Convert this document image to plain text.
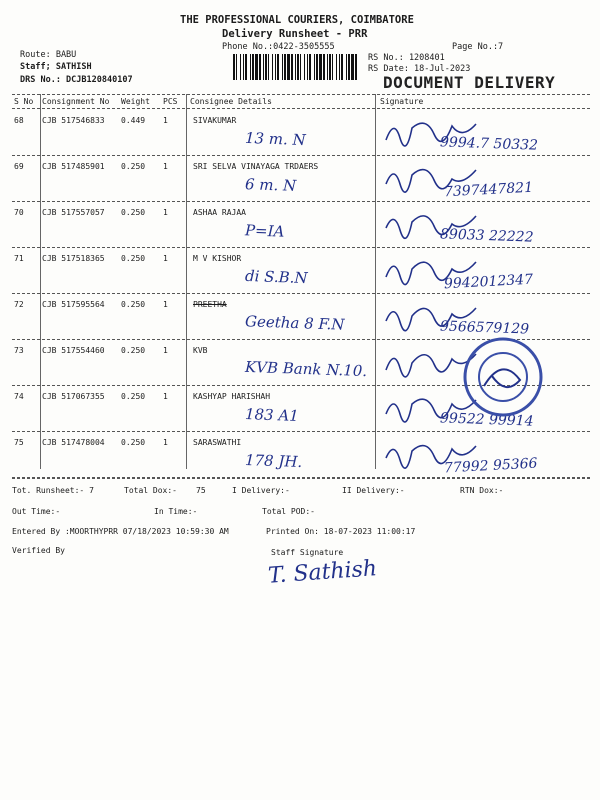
THE PROFESSIONAL COURIERS, COIMBATORE
Delivery Runsheet - PRR
Phone No.:0422-3505555	Page No.:7
Route: BABU
Staff; SATHISH
DRS No.: DCJB120840107
RS No.: 1208401
RS Date: 18-Jul-2023
DOCUMENT DELIVERY
S No Consignment No Weight PCS Consignee Details	Signature
68 CJB 517546833 0.449 1	SIVAKUMAR
13 m. N	9994.7 50332
69 CJB 517485901 0.250 1	SRI SELVA VINAYAGA TRDAERS
6 m. N	7397447821
70 CJB 517557057 0.250 1	ASHAA RAJAA
P=IA	89033 22222
71 CJB 517518365 0.250 1	M V KISHOR
di S.B.N	9942012347
72 CJB 517595564 0.250 1	PREETHA
Geetha 8 F.N	9566579129
73 CJB 517554460 0.250 1	KVB
KVB Bank N.10.
74 CJB 517067355 0.250 1	KASHYAP HARISHAH
183 A1	99522 99914
75 CJB 517478004 0.250 1	SARASWATHI
178 JH.	77992 95366
Tot. Runsheet:- 7	Total Dox:- 75	I Delivery:-	II Delivery:-	RTN Dox:-
Out Time:-	In Time:-	Total POD:-
Entered By :MOORTHYPRR 07/18/2023 10:59:30 AM	Printed On: 18-07-2023 11:00:17
Verified By	Staff Signature
T. Sathish
